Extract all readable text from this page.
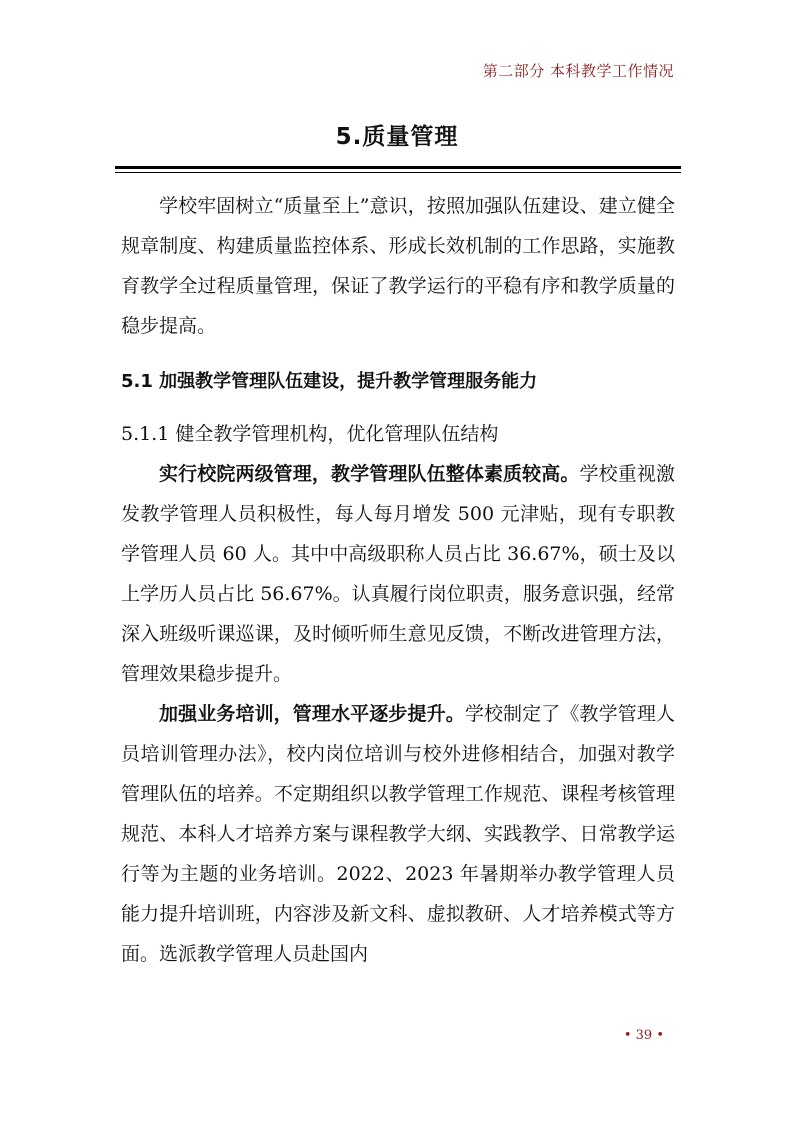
第二部分 本科教学工作情况
5.质量管理

学校牢固树立“质量至上”意识，按照加强队伍建设、建立健全规章制度、构建质量监控体系、形成长效机制的工作思路，实施教育教学全过程质量管理，保证了教学运行的平稳有序和教学质量的稳步提高。

5.1 加强教学管理队伍建设，提升教学管理服务能力
5.1.1 健全教学管理机构，优化管理队伍结构

实行校院两级管理，教学管理队伍整体素质较高。学校重视激发教学管理人员积极性，每人每月增发 500 元津贴，现有专职教学管理人员 60 人。其中中高级职称人员占比 36.67%，硕士及以上学历人员占比 56.67%。认真履行岗位职责，服务意识强，经常深入班级听课巡课，及时倾听师生意见反馈，不断改进管理方法，管理效果稳步提升。

加强业务培训，管理水平逐步提升。学校制定了《教学管理人员培训管理办法》，校内岗位培训与校外进修相结合，加强对教学管理队伍的培养。不定期组织以教学管理工作规范、课程考核管理规范、本科人才培养方案与课程教学大纲、实践教学、日常教学运行等为主题的业务培训。2022、2023 年暑期举办教学管理人员能力提升培训班，内容涉及新文科、虚拟教研、人才培养模式等方面。选派教学管理人员赴国内

• 39 •
